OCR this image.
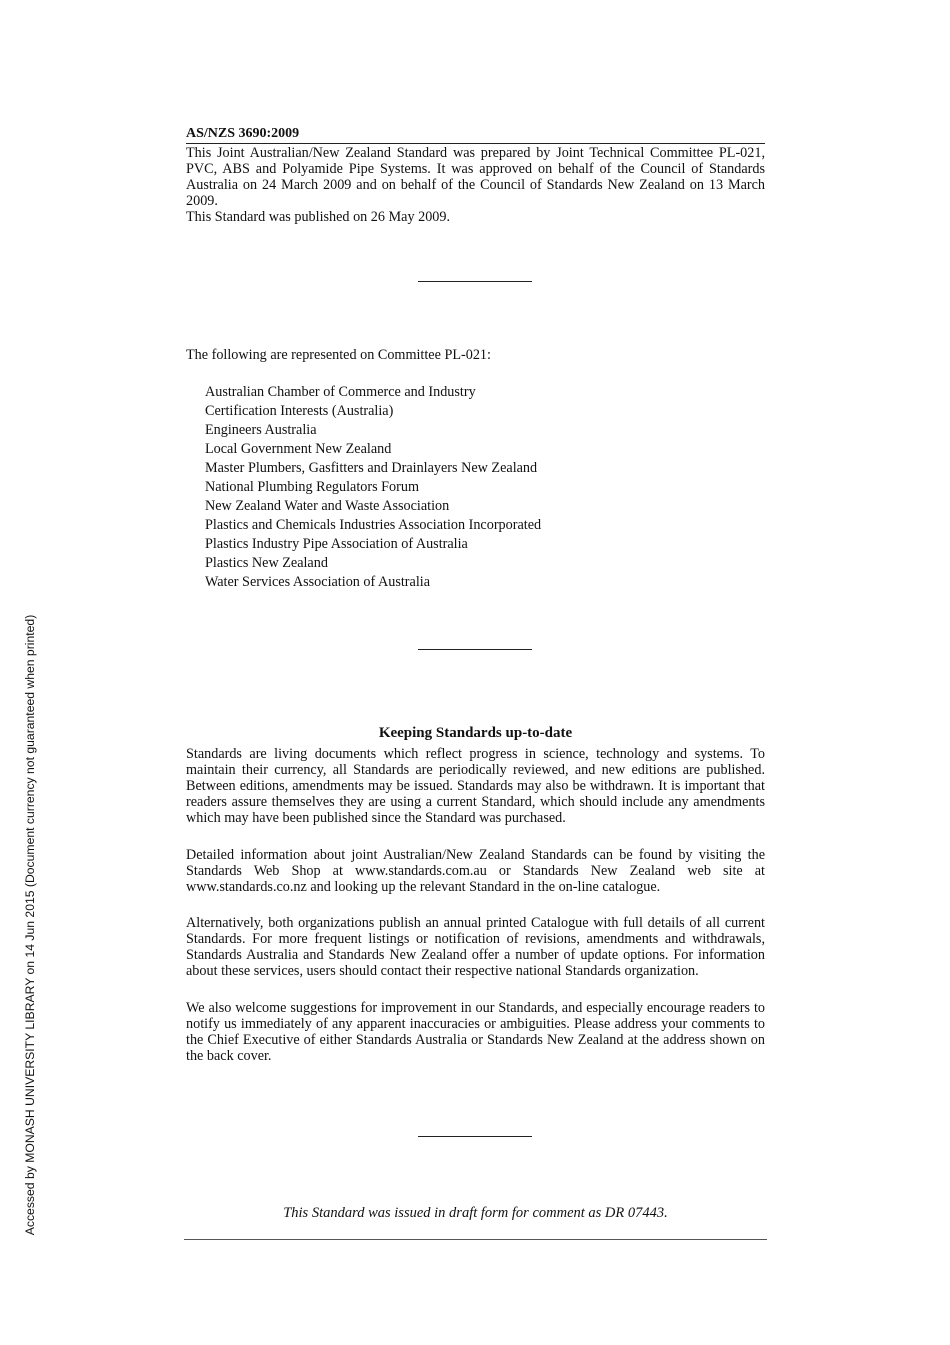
AS/NZS 3690:2009

This Joint Australian/New Zealand Standard was prepared by Joint Technical Committee PL-021, PVC, ABS and Polyamide Pipe Systems. It was approved on behalf of the Council of Standards Australia on 24 March 2009 and on behalf of the Council of Standards New Zealand on 13 March 2009.

This Standard was published on 26 May 2009.

The following are represented on Committee PL-021:

Australian Chamber of Commerce and Industry
Certification Interests (Australia)
Engineers Australia
Local Government New Zealand
Master Plumbers, Gasfitters and Drainlayers New Zealand
National Plumbing Regulators Forum
New Zealand Water and Waste Association
Plastics and Chemicals Industries Association Incorporated
Plastics Industry Pipe Association of Australia
Plastics New Zealand
Water Services Association of Australia
Keeping Standards up-to-date

Standards are living documents which reflect progress in science, technology and systems. To maintain their currency, all Standards are periodically reviewed, and new editions are published. Between editions, amendments may be issued. Standards may also be withdrawn. It is important that readers assure themselves they are using a current Standard, which should include any amendments which may have been published since the Standard was purchased.

Detailed information about joint Australian/New Zealand Standards can be found by visiting the Standards Web Shop at www.standards.com.au or Standards New Zealand web site at www.standards.co.nz and looking up the relevant Standard in the on-line catalogue.

Alternatively, both organizations publish an annual printed Catalogue with full details of all current Standards. For more frequent listings or notification of revisions, amendments and withdrawals, Standards Australia and Standards New Zealand offer a number of update options. For information about these services, users should contact their respective national Standards organization.

We also welcome suggestions for improvement in our Standards, and especially encourage readers to notify us immediately of any apparent inaccuracies or ambiguities. Please address your comments to the Chief Executive of either Standards Australia or Standards New Zealand at the address shown on the back cover.

This Standard was issued in draft form for comment as DR 07443.

Accessed by MONASH UNIVERSITY LIBRARY on 14 Jun 2015 (Document currency not guaranteed when printed)
